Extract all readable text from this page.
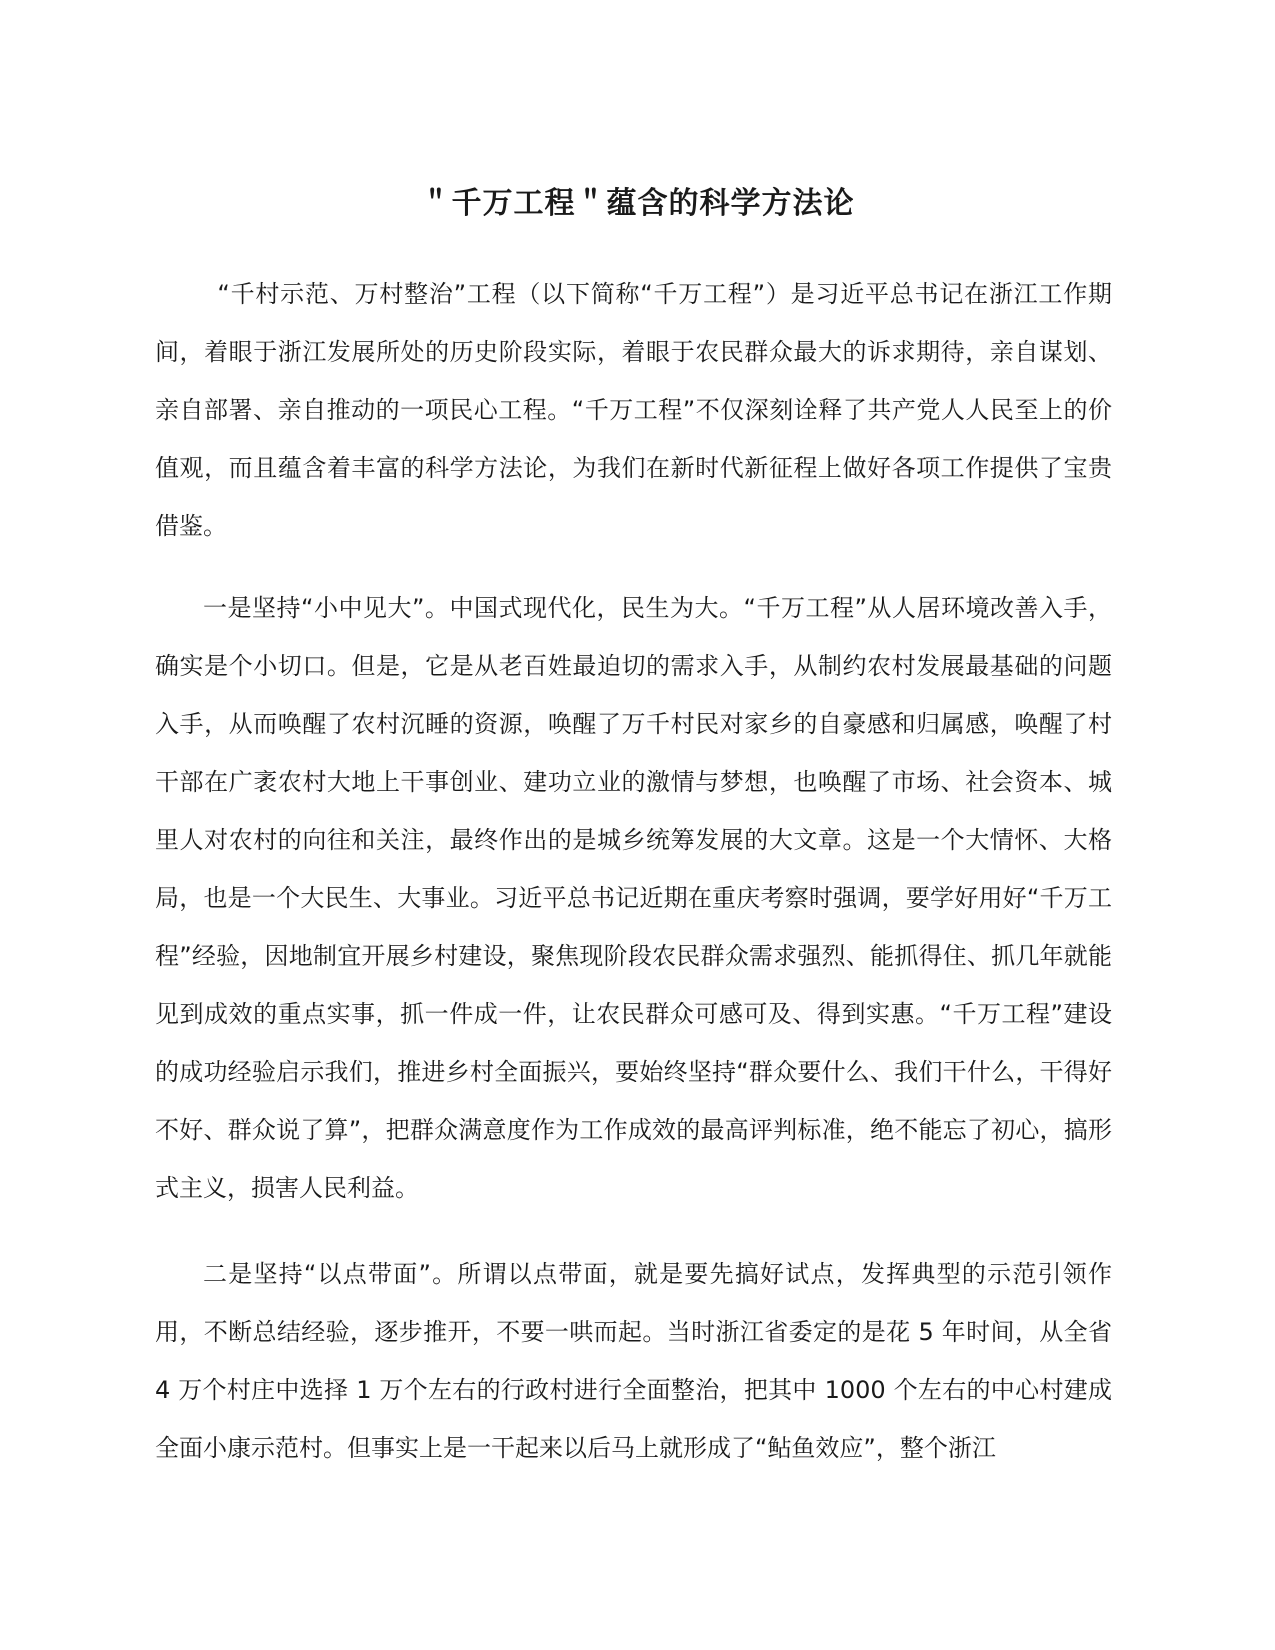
＂千万工程＂蕴含的科学方法论

“千村示范、万村整治”工程（以下简称“千万工程”）是习近平总书记在浙江工作期间，着眼于浙江发展所处的历史阶段实际，着眼于农民群众最大的诉求期待，亲自谋划、亲自部署、亲自推动的一项民心工程。“千万工程”不仅深刻诠释了共产党人人民至上的价值观，而且蕴含着丰富的科学方法论，为我们在新时代新征程上做好各项工作提供了宝贵借鉴。

一是坚持“小中见大”。中国式现代化，民生为大。“千万工程”从人居环境改善入手，确实是个小切口。但是，它是从老百姓最迫切的需求入手，从制约农村发展最基础的问题入手，从而唤醒了农村沉睡的资源，唤醒了万千村民对家乡的自豪感和归属感，唤醒了村干部在广袤农村大地上干事创业、建功立业的激情与梦想，也唤醒了市场、社会资本、城里人对农村的向往和关注，最终作出的是城乡统筹发展的大文章。这是一个大情怀、大格局，也是一个大民生、大事业。习近平总书记近期在重庆考察时强调，要学好用好“千万工程”经验，因地制宜开展乡村建设，聚焦现阶段农民群众需求强烈、能抓得住、抓几年就能见到成效的重点实事，抓一件成一件，让农民群众可感可及、得到实惠。“千万工程”建设的成功经验启示我们，推进乡村全面振兴，要始终坚持“群众要什么、我们干什么，干得好不好、群众说了算”，把群众满意度作为工作成效的最高评判标准，绝不能忘了初心，搞形式主义，损害人民利益。

二是坚持“以点带面”。所谓以点带面，就是要先搞好试点，发挥典型的示范引领作用，不断总结经验，逐步推开，不要一哄而起。当时浙江省委定的是花 5 年时间，从全省 4 万个村庄中选择 1 万个左右的行政村进行全面整治，把其中 1000 个左右的中心村建成全面小康示范村。但事实上是一干起来以后马上就形成了“鲇鱼效应”，整个浙江
